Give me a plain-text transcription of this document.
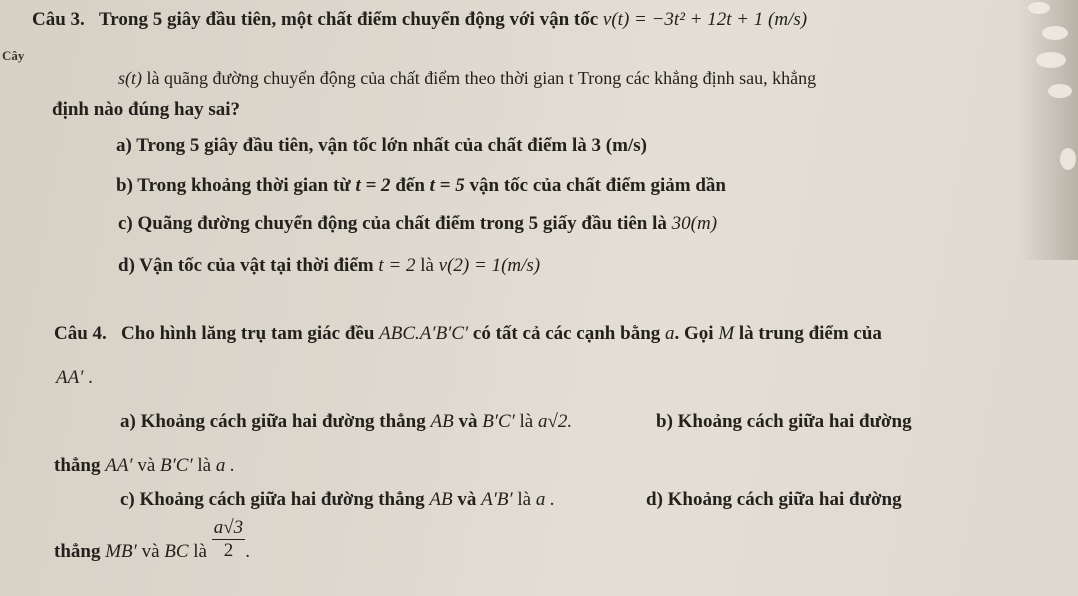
Cây
Câu 3. Trong 5 giây đầu tiên, một chất điểm chuyển động với vận tốc v(t) = −3t² + 12t + 1 (m/s)
s(t) là quãng đường chuyển động của chất điểm theo thời gian t Trong các khẳng định sau, khẳng
định nào đúng hay sai?
a) Trong 5 giây đầu tiên, vận tốc lớn nhất của chất điểm là 3 (m/s)
b) Trong khoảng thời gian từ t = 2 đến t = 5 vận tốc của chất điểm giảm dần
c) Quãng đường chuyển động của chất điểm trong 5 giấy đầu tiên là 30(m)
d) Vận tốc của vật tại thời điểm t = 2 là v(2) = 1(m/s)
Câu 4. Cho hình lăng trụ tam giác đều ABC.A′B′C′ có tất cả các cạnh bằng a. Gọi M là trung điểm của
AA′ .
a) Khoảng cách giữa hai đường thẳng AB và B′C′ là a√2.	b) Khoảng cách giữa hai đường
thẳng AA′ và B′C′ là a .
c) Khoảng cách giữa hai đường thẳng AB và A′B′ là a .	d) Khoảng cách giữa hai đường
thẳng MB′ và BC là $\frac{a√3}{2}$ .
